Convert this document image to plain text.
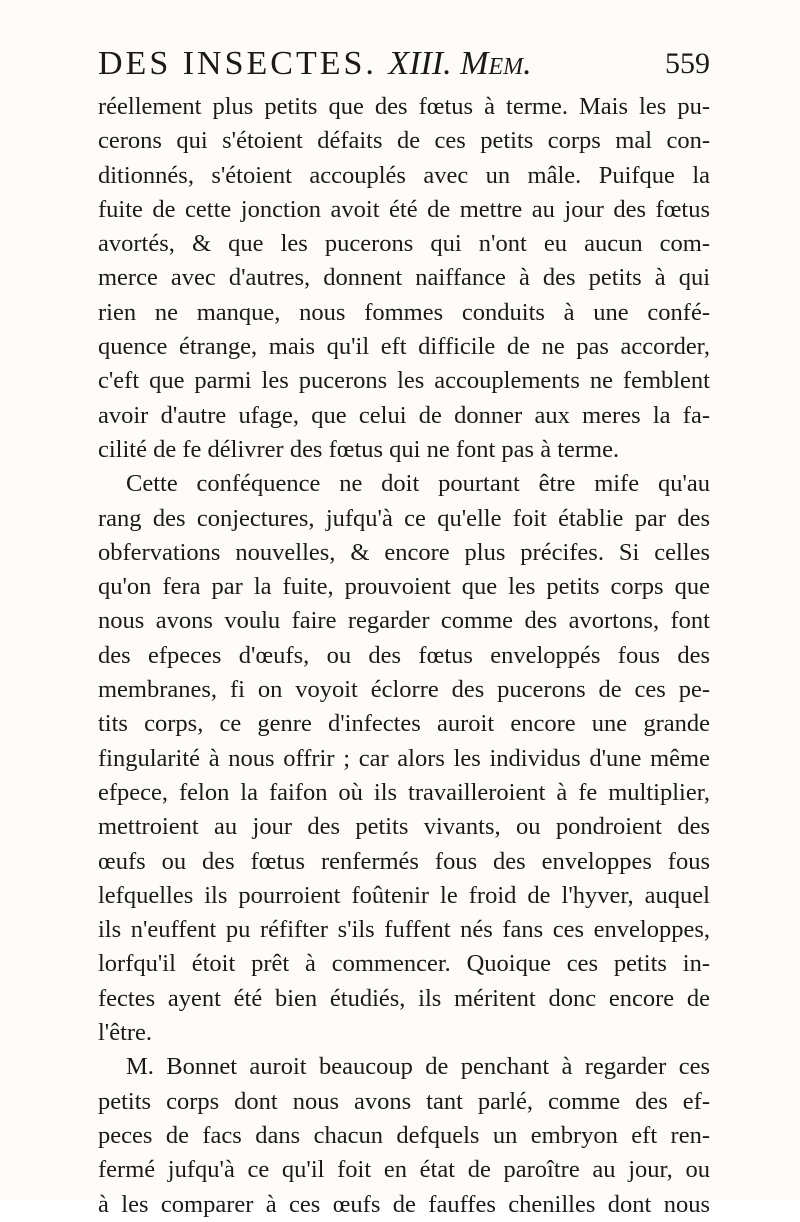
DES INSECTES. XIII. Mem.	559
réellement plus petits que des fœtus à terme. Mais les pu-
cerons qui s'étoient défaits de ces petits corps mal con-
ditionnés, s'étoient accouplés avec un mâle. Puifque la
fuite de cette jonction avoit été de mettre au jour des fœtus
avortés, & que les pucerons qui n'ont eu aucun com-
merce avec d'autres, donnent naiffance à des petits à qui
rien ne manque, nous fommes conduits à une confé-
quence étrange, mais qu'il eft difficile de ne pas accorder,
c'eft que parmi les pucerons les accouplements ne femblent
avoir d'autre ufage, que celui de donner aux meres la fa-
cilité de fe délivrer des fœtus qui ne font pas à terme.
Cette conféquence ne doit pourtant être mife qu'au
rang des conjectures, jufqu'à ce qu'elle foit établie par des
obfervations nouvelles, & encore plus précifes. Si celles
qu'on fera par la fuite, prouvoient que les petits corps que
nous avons voulu faire regarder comme des avortons, font
des efpeces d'œufs, ou des fœtus enveloppés fous des
membranes, fi on voyoit éclorre des pucerons de ces pe-
tits corps, ce genre d'infectes auroit encore une grande
fingularité à nous offrir ; car alors les individus d'une même
efpece, felon la faifon où ils travailleroient à fe multiplier,
mettroient au jour des petits vivants, ou pondroient des
œufs ou des fœtus renfermés fous des enveloppes fous
lefquelles ils pourroient foûtenir le froid de l'hyver, auquel
ils n'euffent pu réfifter s'ils fuffent nés fans ces enveloppes,
lorfqu'il étoit prêt à commencer. Quoique ces petits in-
fectes ayent été bien étudiés, ils méritent donc encore de
l'être.
M. Bonnet auroit beaucoup de penchant à regarder ces
petits corps dont nous avons tant parlé, comme des ef-
peces de facs dans chacun defquels un embryon eft ren-
fermé jufqu'à ce qu'il foit en état de paroître au jour, ou
à les comparer à ces œufs de fauffes chenilles dont nous
